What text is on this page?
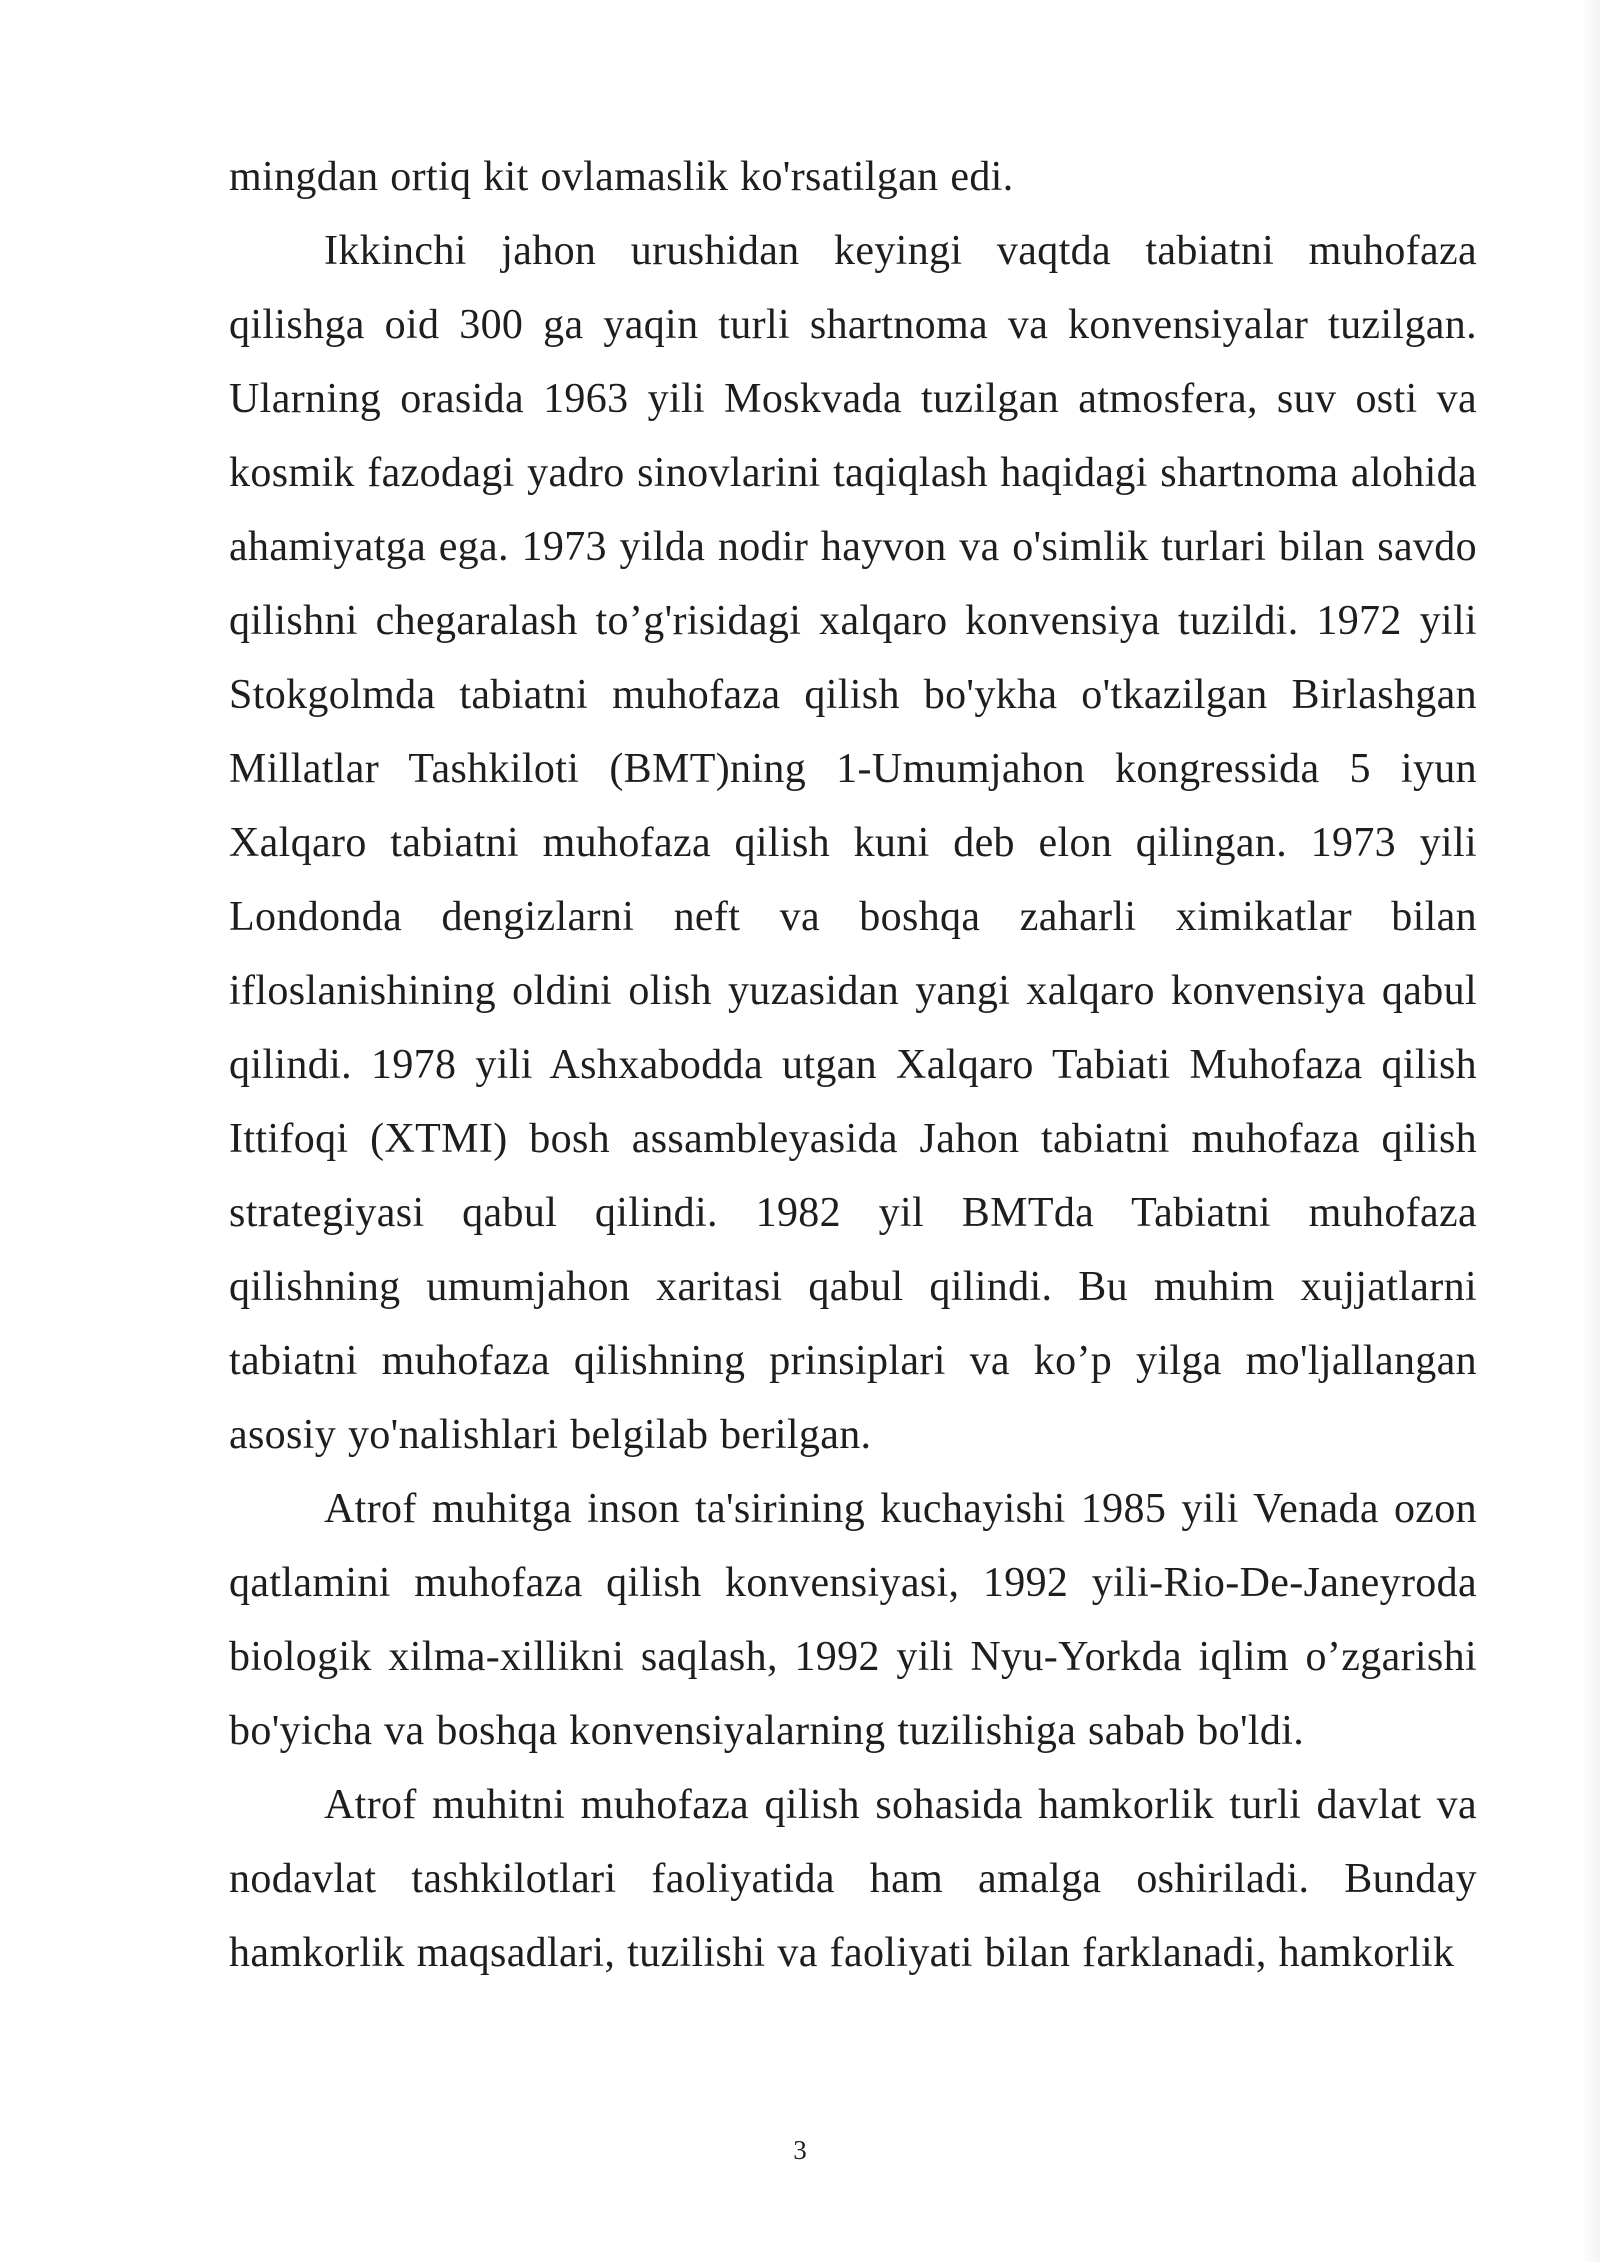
mingdan ortiq kit ovlamaslik ko'rsatilgan edi.

Ikkinchi jahon urushidan keyingi vaqtda tabiatni muhofaza qilishga oid 300 ga yaqin turli shartnoma va konvensiyalar tuzilgan. Ularning orasida 1963 yili Moskvada tuzilgan atmosfera, suv osti va kosmik fazodagi yadro sinovlarini taqiqlash haqidagi shartnoma alohida ahamiyatga ega. 1973 yilda nodir hayvon va o'simlik turlari bilan savdo qilishni chegaralash to’g'risidagi xalqaro konvensiya tuzildi. 1972 yili Stokgolmda tabiatni muhofaza qilish bo'ykha o'tkazilgan Birlashgan Millatlar Tashkiloti (BMT)ning 1-Umumjahon kongressida 5 iyun Xalqaro tabiatni muhofaza qilish kuni deb elon qilingan. 1973 yili Londonda dengizlarni neft va boshqa zaharli ximikatlar bilan ifloslanishining oldini olish yuzasidan yangi xalqaro konvensiya qabul qilindi. 1978 yili Ashxabodda utgan Xalqaro Tabiati Muhofaza qilish Ittifoqi (XTMI) bosh assambleyasida Jahon tabiatni muhofaza qilish strategiyasi qabul qilindi. 1982 yil BMTda Tabiatni muhofaza qilishning umumjahon xaritasi qabul qilindi. Bu muhim xujjatlarni tabiatni muhofaza qilishning prinsiplari va ko’p yilga mo'ljallangan asosiy yo'nalishlari belgilab berilgan.

Atrof muhitga inson ta'sirining kuchayishi 1985 yili Venada ozon qatlamini muhofaza qilish konvensiyasi, 1992 yili-Rio-De-Janeyroda biologik xilma-xillikni saqlash, 1992 yili Nyu-Yorkda iqlim o’zgarishi bo'yicha va boshqa konvensiyalarning tuzilishiga sabab bo'ldi.

Atrof muhitni muhofaza qilish sohasida hamkorlik turli davlat va nodavlat tashkilotlari faoliyatida ham amalga oshiriladi. Bunday hamkorlik maqsadlari, tuzilishi va faoliyati bilan farklanadi, hamkorlik

3
